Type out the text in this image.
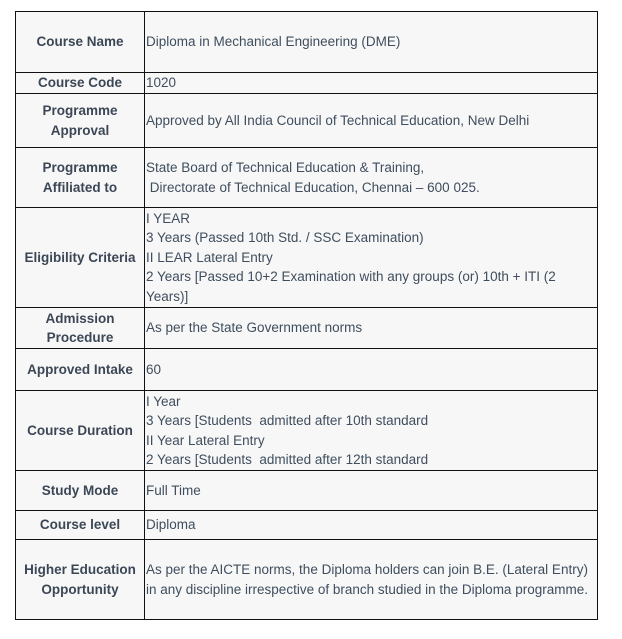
Course Name	Diploma in Mechanical Engineering (DME)

Course Code	1020

Programme Approval	Approved by All India Council of Technical Education, New Delhi

Programme Affiliated to	State Board of Technical Education & Training,
Directorate of Technical Education, Chennai – 600 025.

Eligibility Criteria	I YEAR
3 Years (Passed 10th Std. / SSC Examination)
II LEAR Lateral Entry
2 Years [Passed 10+2 Examination with any groups (or) 10th + ITI (2 Years)]

Admission Procedure	As per the State Government norms

Approved Intake	60

Course Duration	I Year
3 Years [Students  admitted after 10th standard
II Year Lateral Entry
2 Years [Students  admitted after 12th standard

Study Mode	Full Time

Course level	Diploma

Higher Education Opportunity	As per the AICTE norms, the Diploma holders can join B.E. (Lateral Entry) in any discipline irrespective of branch studied in the Diploma programme.
